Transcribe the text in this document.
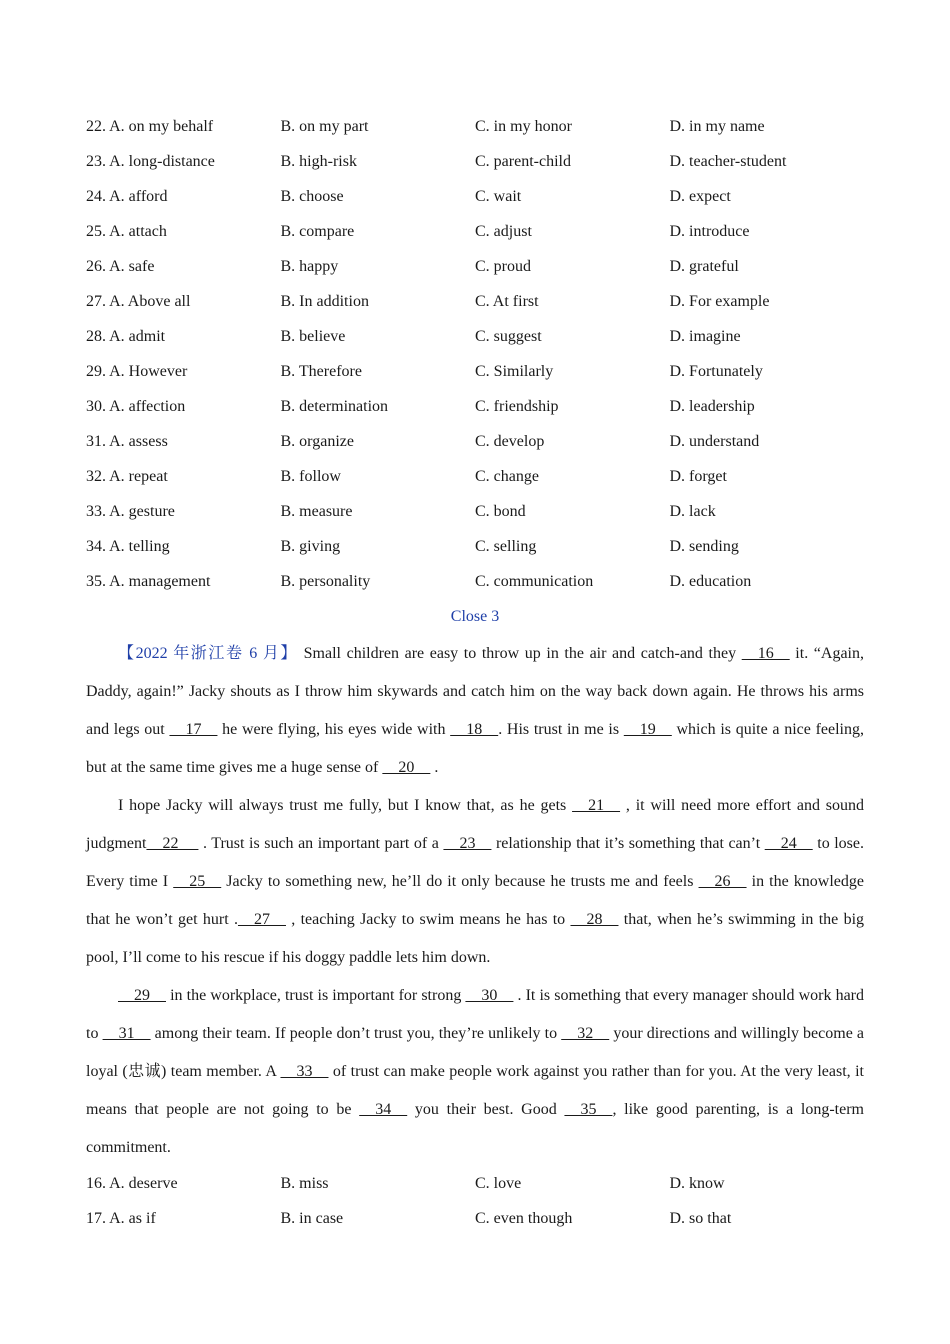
22. A. on my behalf	B. on my part	C. in my honor	D. in my name
23. A. long-distance	B. high-risk	C. parent-child	D. teacher-student
24. A. afford	B. choose	C. wait	D. expect
25. A. attach	B. compare	C. adjust	D. introduce
26. A. safe	B. happy	C. proud	D. grateful
27. A. Above all	B. In addition	C. At first	D. For example
28. A. admit	B. believe	C. suggest	D. imagine
29. A. However	B. Therefore	C. Similarly	D. Fortunately
30. A. affection	B. determination	C. friendship	D. leadership
31. A. assess	B. organize	C. develop	D. understand
32. A. repeat	B. follow	C. change	D. forget
33. A. gesture	B. measure	C. bond	D. lack
34. A. telling	B. giving	C. selling	D. sending
35. A. management	B. personality	C. communication	D. education
Close 3

【2022 年浙江卷 6 月】 Small children are easy to throw up in the air and catch-and they     16     it. “Again, Daddy, again!” Jacky shouts as I throw him skywards and catch him on the way back down again. He throws his arms and legs out     17     he were flying, his eyes wide with     18    . His trust in me is     19     which is quite a nice feeling, but at the same time gives me a huge sense of     20     .

I hope Jacky will always trust me fully, but I know that, as he gets     21     , it will need more effort and sound judgment    22      . Trust is such an important part of a     23     relationship that it’s something that can’t     24     to lose. Every time I     25     Jacky to something new, he’ll do it only because he trusts me and feels     26     in the knowledge that he won’t get hurt .    27     , teaching Jacky to swim means he has to     28     that, when he’s swimming in the big pool, I’ll come to his rescue if his doggy paddle lets him down.

29     in the workplace, trust is important for strong     30     . It is something that every manager should work hard to     31     among their team. If people don’t trust you, they’re unlikely to     32     your directions and willingly become a loyal (忠诚) team member. A     33     of trust can make people work against you rather than for you. At the very least, it means that people are not going to be     34     you their best. Good     35    , like good parenting, is a long-term commitment.

16. A. deserve	B. miss	C. love	D. know
17. A. as if	B. in case	C. even though	D. so that
